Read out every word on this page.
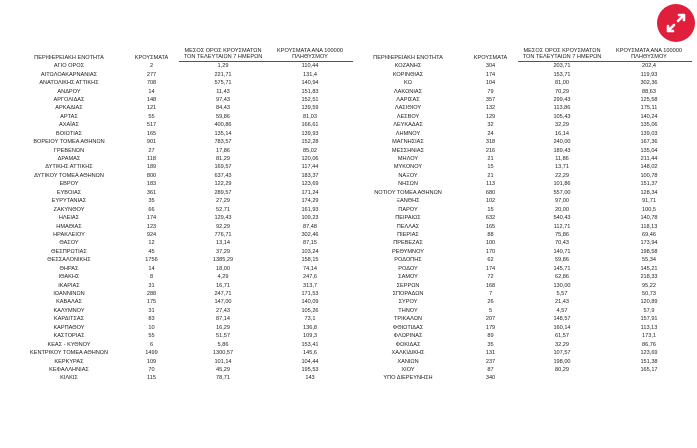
ΠΕΡΙΦΕΡΕΙΑΚΗ ΕΝΟΤΗΤΑ	ΚΡΟΥΣΜΑΤΑ
ΜΕΣΟΣ ΟΡΟΣ ΚΡΟΥΣΜΑΤΩΝ ΤΟΝ ΤΕΛΕΥΤΑΙΩΝ 7 ΗΜΕΡΩΝ
ΚΡΟΥΣΜΑΤΑ ΑΝΑ 100000 ΠΛΗΘΥΣΜΟΥ
ΑΓΙΟ ΟΡΟΣ	2	1,29	110,44
ΑΙΤΩΛΟΑΚΑΡΝΑΝΙΑΣ	277	221,71	131,4
ΑΝΑΤΟΛΙΚΗΣ ΑΤΤΙΚΗΣ	708	575,71	140,94
ΑΝΔΡΟΥ	14	11,43	151,83
ΑΡΓΟΛΙΔΑΣ	148	97,43	152,51
ΑΡΚΑΔΙΑΣ	121	84,43	139,59
ΑΡΤΑΣ	55	59,86	81,03
ΑΧΑΪΑΣ	517	400,86	166,61
ΒΟΙΩΤΙΑΣ	165	135,14	139,93
ΒΟΡΕΙΟΥ ΤΟΜΕΑ ΑΘΗΝΩΝ	901	783,57	152,28
ΓΡΕΒΕΝΩΝ	27	17,86	85,02
ΔΡΑΜΑΣ	118	81,29	120,06
ΔΥΤΙΚΗΣ ΑΤΤΙΚΗΣ	189	169,57	117,44
ΔΥΤΙΚΟΥ ΤΟΜΕΑ ΑΘΗΝΩΝ	800	637,43	183,37
ΕΒΡΟΥ	183	122,29	123,69
ΕΥΒΟΙΑΣ	361	289,57	171,24
ΕΥΡΥΤΑΝΙΑΣ	35	27,29	174,29
ΖΑΚΥΝΘΟΥ	66	52,71	161,93
ΗΛΕΙΑΣ	174	129,43	109,23
ΗΜΑΘΙΑΣ	123	92,29	87,48
ΗΡΑΚΛΕΙΟΥ	924	776,71	302,46
ΘΑΣΟΥ	12	13,14	87,15
ΘΕΣΠΡΩΤΙΑΣ	45	37,29	103,24
ΘΕΣΣΑΛΟΝΙΚΗΣ	1756	1385,29	158,15
ΘΗΡΑΣ	14	18,00	74,14
ΙΘΑΚΗΣ	8	4,29	247,6
ΙΚΑΡΙΑΣ	31	16,71	313,7
ΙΩΑΝΝΙΝΩΝ	288	247,71	171,53
ΚΑΒΑΛΑΣ	175	147,00	140,09
ΚΑΛΥΜΝΟΥ	31	27,43	105,26
ΚΑΡΔΙΤΣΑΣ	83	87,14	73,1
ΚΑΡΠΑΘΟΥ	10	16,29	136,8
ΚΑΣΤΟΡΙΑΣ	55	51,57	109,3
ΚΕΑΣ - ΚΥΘΝΟΥ	6	5,86	153,41
ΚΕΝΤΡΙΚΟΥ ΤΟΜΕΑ ΑΘΗΝΩΝ	1499	1300,57	145,6
ΚΕΡΚΥΡΑΣ	109	101,14	104,44
ΚΕΦΑΛΛΗΝΙΑΣ	70	45,29	195,53
ΚΙΛΚΙΣ	115	78,71	143
ΠΕΡΙΦΕΡΕΙΑΚΗ ΕΝΟΤΗΤΑ	ΚΡΟΥΣΜΑΤΑ
ΜΕΣΟΣ ΟΡΟΣ ΚΡΟΥΣΜΑΤΩΝ ΤΟΝ ΤΕΛΕΥΤΑΙΩΝ 7 ΗΜΕΡΩΝ
ΚΡΟΥΣΜΑΤΑ ΑΝΑ 100000 ΠΛΗΘΥΣΜΟΥ
ΚΟΖΑΝΗΣ	304	203,71	202,4
ΚΟΡΙΝΘΙΑΣ	174	153,71	119,93
ΚΩ	104	81,00	302,36
ΛΑΚΩΝΙΑΣ	79	70,29	88,63
ΛΑΡΙΣΑΣ	357	299,43	125,58
ΛΑΣΙΘΙΟΥ	132	113,86	175,11
ΛΕΣΒΟΥ	129	105,43	140,24
ΛΕΥΚΑΔΑΣ	32	32,29	135,06
ΛΗΜΝΟΥ	24	16,14	139,03
ΜΑΓΝΗΣΙΑΣ	318	240,00	167,36
ΜΕΣΣΗΝΙΑΣ	216	189,43	135,04
ΜΗΛΟΥ	21	11,86	211,44
ΜΥΚΟΝΟΥ	15	13,71	148,02
ΝΑΞΟΥ	21	22,29	100,78
ΝΗΣΩΝ	113	101,86	151,37
ΝΟΤΙΟΥ ΤΟΜΕΑ ΑΘΗΝΩΝ	680	557,00	128,34
ΞΑΝΘΗΣ	102	97,00	91,71
ΠΑΡΟΥ	15	20,00	100,5
ΠΕΙΡΑΙΩΣ	632	540,43	140,78
ΠΕΛΛΑΣ	165	112,71	118,13
ΠΙΕΡΙΑΣ	88	75,86	69,46
ΠΡΕΒΕΖΑΣ	100	70,43	173,94
ΡΕΘΥΜΝΟΥ	170	140,71	198,58
ΡΟΔΟΠΗΣ	62	59,86	55,34
ΡΟΔΟΥ	174	145,71	145,21
ΣΑΜΟΥ	72	62,86	218,33
ΣΕΡΡΩΝ	168	130,00	95,22
ΣΠΟΡΑΔΩΝ	7	5,57	50,73
ΣΥΡΟΥ	26	21,43	120,89
ΤΗΝΟΥ	5	4,57	57,9
ΤΡΙΚΑΛΩΝ	207	148,57	157,91
ΦΘΙΩΤΙΔΑΣ	179	160,14	113,13
ΦΛΩΡΙΝΑΣ	89	61,57	173,1
ΦΩΚΙΔΑΣ	35	32,29	86,76
ΧΑΛΚΙΔΙΚΗΣ	131	107,57	123,69
ΧΑΝΙΩΝ	237	198,00	151,38
ΧΙΟΥ	87	80,29	165,17
ΥΠΟ ΔΙΕΡΕΥΝΗΣΗ	340
